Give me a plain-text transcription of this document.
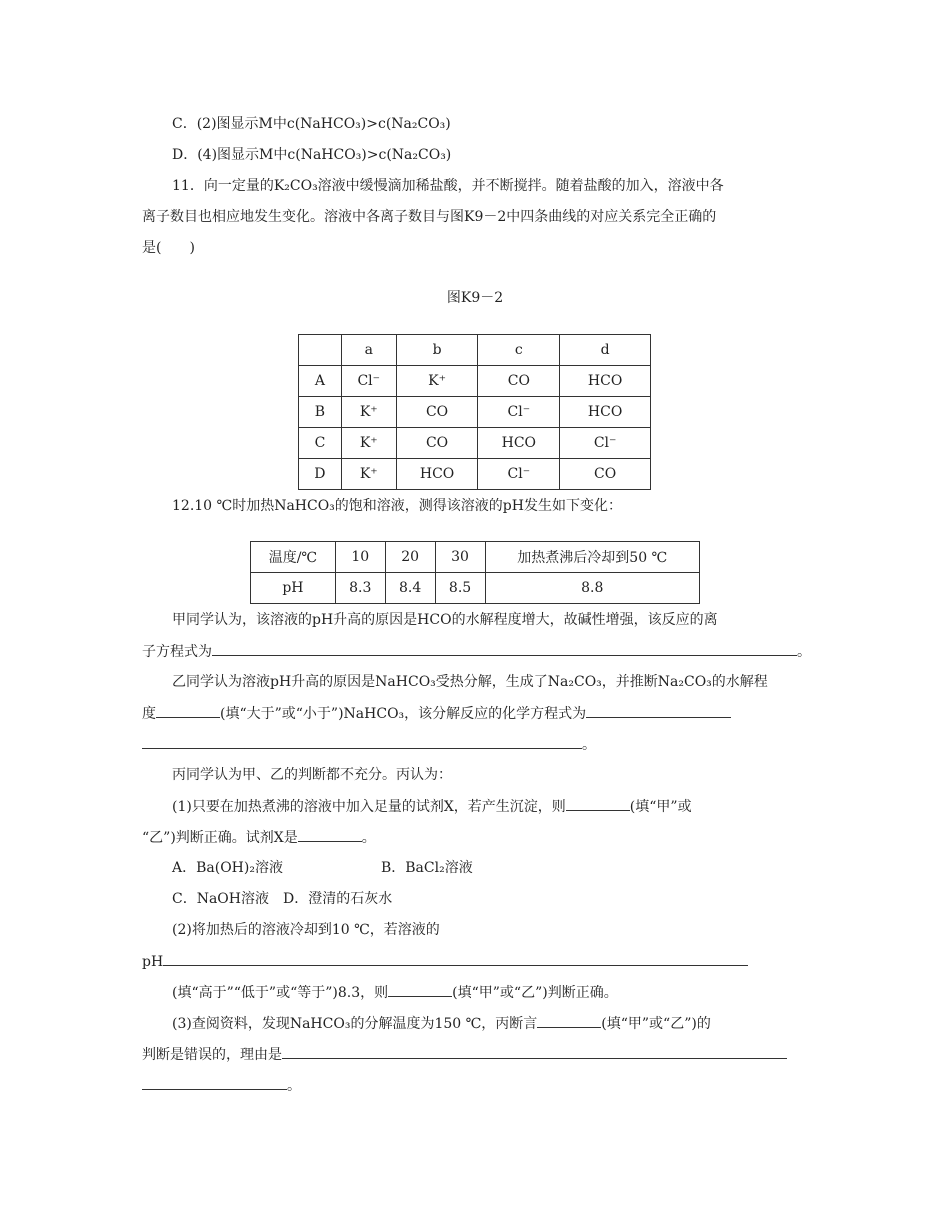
C．(2)图显示M中c(NaHCO₃)>c(Na₂CO₃)
D．(4)图显示M中c(NaHCO₃)>c(Na₂CO₃)
11．向一定量的K₂CO₃溶液中缓慢滴加稀盐酸，并不断搅拌。随着盐酸的加入，溶液中各
离子数目也相应地发生变化。溶液中各离子数目与图K9－2中四条曲线的对应关系完全正确的
是(　　)
图K9－2
	a	b	c	d
A	Cl⁻	K⁺	CO	HCO
B	K⁺	CO	Cl⁻	HCO
C	K⁺	CO	HCO	Cl⁻
D	K⁺	HCO	Cl⁻	CO
12.10 ℃时加热NaHCO₃的饱和溶液，测得该溶液的pH发生如下变化：
温度/℃	10	20	30	加热煮沸后冷却到50 ℃
pH	8.3	8.4	8.5	8.8
甲同学认为，该溶液的pH升高的原因是HCO的水解程度增大，故碱性增强，该反应的离
子方程式为	。
乙同学认为溶液pH升高的原因是NaHCO₃受热分解，生成了Na₂CO₃，并推断Na₂CO₃的水解程
度	(填“大于”或“小于”)NaHCO₃，该分解反应的化学方程式为
。
丙同学认为甲、乙的判断都不充分。丙认为：
(1)只要在加热煮沸的溶液中加入足量的试剂X，若产生沉淀，则	(填“甲”或
“乙”)判断正确。试剂X是	。
A．Ba(OH)₂溶液	B．BaCl₂溶液
C．NaOH溶液　D．澄清的石灰水
(2)将加热后的溶液冷却到10 ℃，若溶液的
pH
(填“高于”“低于”或“等于”)8.3，则	(填“甲”或“乙”)判断正确。
(3)查阅资料，发现NaHCO₃的分解温度为150 ℃，丙断言	(填“甲”或“乙”)的
判断是错误的，理由是
。
